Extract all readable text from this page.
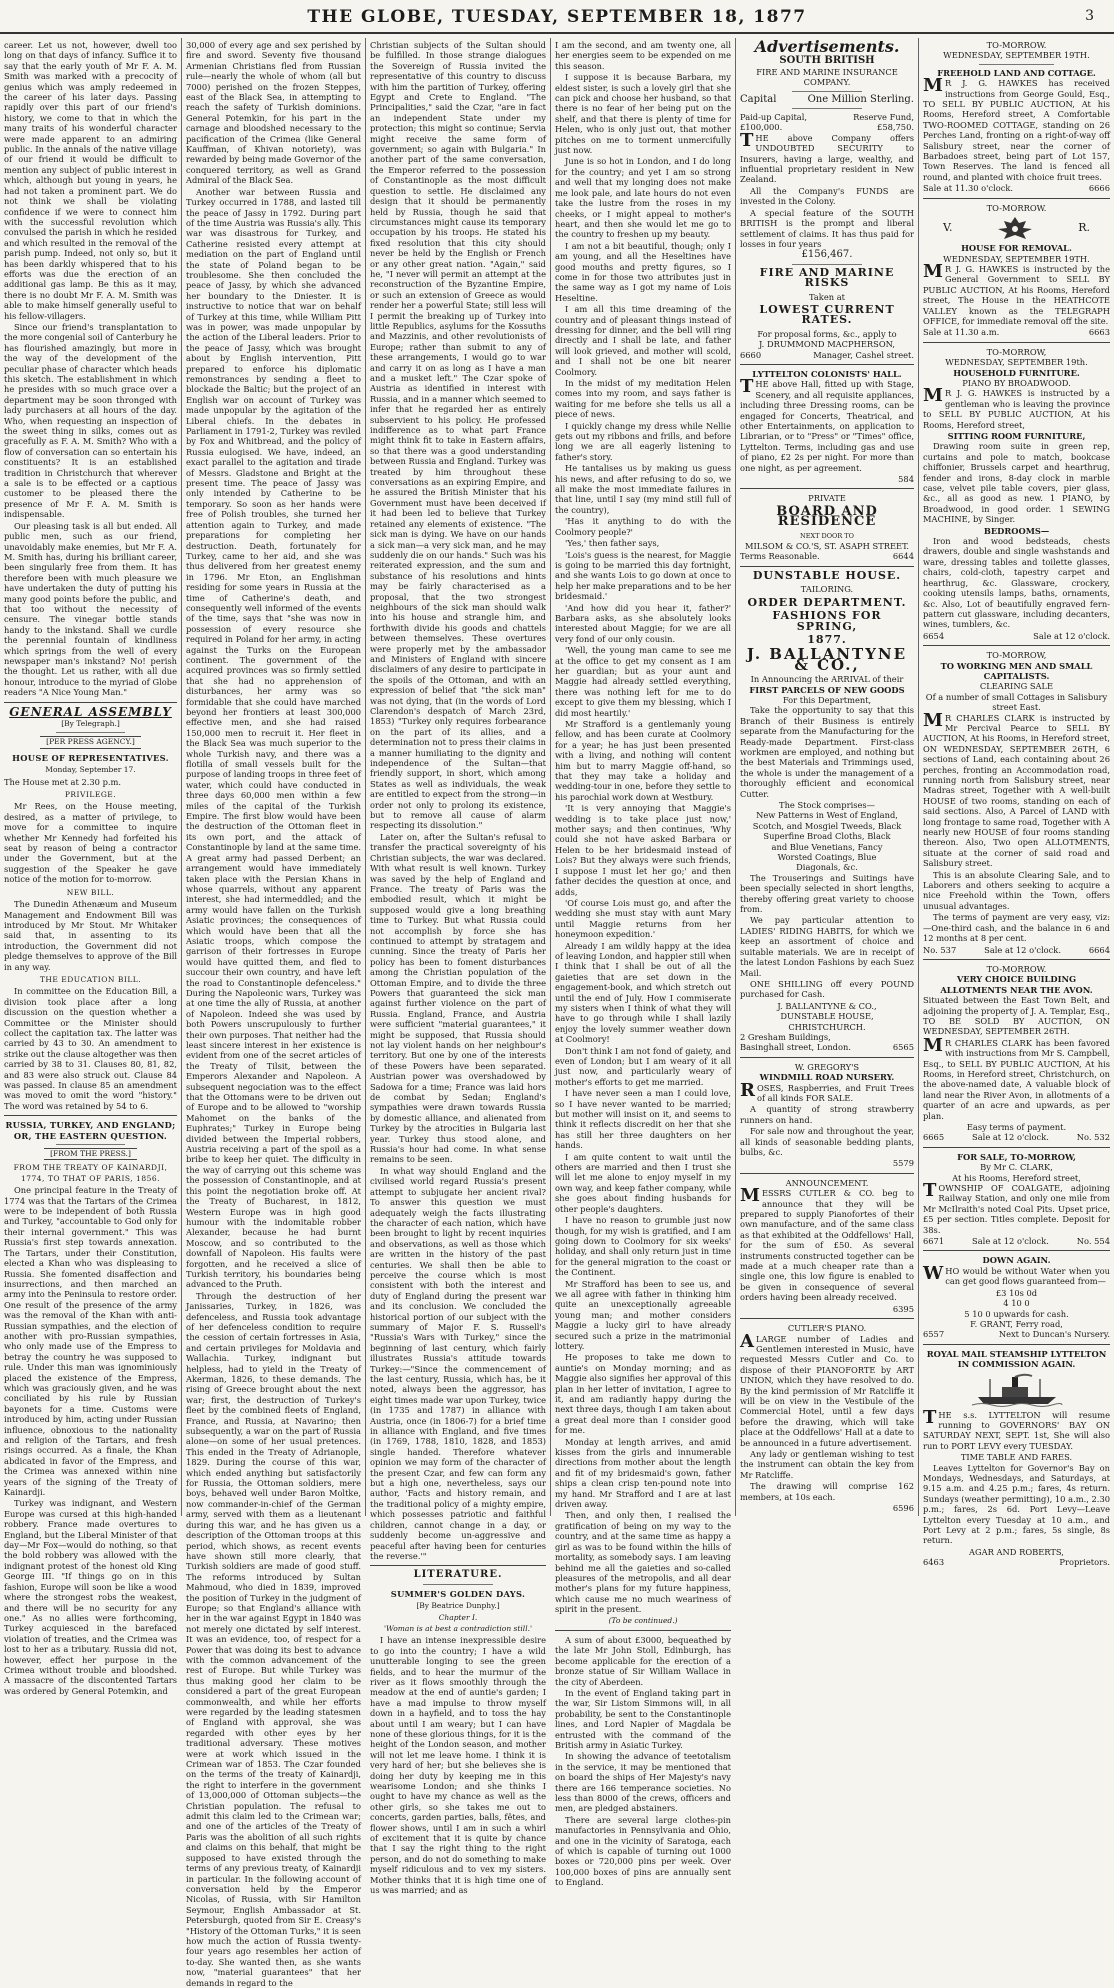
THE GLOBE, TUESDAY, SEPTEMBER 18, 1877	3

career. Let us not, however, dwell too long on that days of infancy. Suffice it to say that the early youth of Mr F. A. M. Smith was marked with a precocity of genius which was amply redeemed in the career of his later days. Passing rapidly over this part of our friend's history, we come to that in which the many traits of his wonderful character were made apparent to an admiring public. In the annals of the native village of our friend it would be difficult to mention any subject of public interest in which, although but young in years, he had not taken a prominent part. We do not think we shall be violating confidence if we were to connect him with the successful revolution which convulsed the parish in which he resided and which resulted in the removal of the parish pump. Indeed, not only so, but it has been darkly whispered that to his efforts was due the erection of an additional gas lamp. Be this as it may, there is no doubt Mr F. A. M. Smith was able to make himself generally useful to his fellow-villagers.

Since our friend's transplantation to the more congenial soil of Canterbury he has flourished amazingly, but more in the way of the development of the peculiar phase of character which heads this sketch. The establishment in which he presides with so much grace over a department may be soon thronged with lady purchasers at all hours of the day. Who, when requesting an inspection of the sweet thing in silks, comes out as gracefully as F. A. M. Smith? Who with a flow of conversation can so entertain his constituents? It is an established tradition in Christchurch that wherever a sale is to be effected or a captious customer to be pleased there the presence of Mr F. A. M. Smith is indispensable.

Our pleasing task is all but ended. All public men, such as our friend, unavoidably make enemies, but Mr F. A. M. Smith has, during his brilliant career, been singularly free from them. It has therefore been with much pleasure we have undertaken the duty of putting his many good points before the public, and that too without the necessity of censure. The vinegar bottle stands handy to the inkstand. Shall we curdle the perennial fountain of kindliness which springs from the well of every newspaper man's inkstand? No! perish the thought. Let us rather, with all due honour, introduce to the myriad of Globe readers "A Nice Young Man."

GENERAL ASSEMBLY
[By Telegraph.]
[PER PRESS AGENCY.]
HOUSE OF REPRESENTATIVES.
Monday, September 17.

The House met at 2.30 p.m.

PRIVILEGE.

Mr Rees, on the House meeting, desired, as a matter of privilege, to move for a committee to inquire whether Mr Kennedy had forfeited his seat by reason of being a contractor under the Government, but at the suggestion of the Speaker he gave notice of the motion for to-morrow.

NEW BILL.

The Dunedin Athenæum and Museum Management and Endowment Bill was introduced by Mr Stout. Mr Whitaker said that, in assenting to its introduction, the Government did not pledge themselves to approve of the Bill in any way.

THE EDUCATION BILL.

In committee on the Education Bill, a division took place after a long discussion on the question whether a Committee or the Minister should collect the capitation tax. The latter was carried by 43 to 30. An amendment to strike out the clause altogether was then carried by 38 to 31. Clauses 80, 81, 82, and 83 were also struck out. Clause 84 was passed. In clause 85 an amendment was moved to omit the word "history." The word was retained by 54 to 6.

RUSSIA, TURKEY, AND ENGLAND; OR, THE EASTERN QUESTION.
[FROM THE PRESS.]
FROM THE TREATY OF KAINARDJI, 1774, TO THAT OF PARIS, 1856.

One principal feature in the Treaty of 1774 was that the Tartars of the Crimea were to be independent of both Russia and Turkey, "accountable to God only for their internal government." This was Russia's first step towards annexation. The Tartars, under their Constitution, elected a Khan who was displeasing to Russia. She fomented disaffection and insurrections, and then marched an army into the Peninsula to restore order. One result of the presence of the army was the removal of the Khan with anti-Russian sympathies, and the election of another with pro-Russian sympathies, who only made use of the Empress to betray the country he was supposed to rule. Under this man was ignominiously placed the existence of the Empress, which was graciously given, and he was conciliated by his rule by Russian bayonets for a time. Customs were introduced by him, acting under Russian influence, obnoxious to the nationality and religion of the Tartars, and fresh risings occurred. As a finale, the Khan abdicated in favor of the Empress, and the Crimea was annexed within nine years of the signing of the Treaty of Kainardji.

Turkey was indignant, and Western Europe was cursed at this high-handed robbery. France made overtures to England, but the Liberal Minister of that day—Mr Fox—would do nothing, so that the bold robbery was allowed with the indignant protest of the honest old King George III. "If things go on in this fashion, Europe will soon be like a wood where the strongest robs the weakest, and there will be no security for any one." As no allies were forthcoming, Turkey acquiesced in the barefaced violation of treaties, and the Crimea was lost to her as a tributary. Russia did not, however, effect her purpose in the Crimea without trouble and bloodshed. A massacre of the discontented Tartars was ordered by General Potemkin, and

30,000 of every age and sex perished by fire and sword. Seventy five thousand Armenian Christians fled from Russian rule—nearly the whole of whom (all but 7000) perished on the frozen Steppes, east of the Black Sea, in attempting to reach the safety of Turkish dominions. General Potemkin, for his part in the carnage and bloodshed necessary to the pacification of the Crimea (like General Kauffman, of Khivan notoriety), was rewarded by being made Governor of the conquered territory, as well as Grand Admiral of the Black Sea.

Another war between Russia and Turkey occurred in 1788, and lasted till the peace of Jassy in 1792. During part of the time Austria was Russia's ally. This war was disastrous for Turkey, and Catherine resisted every attempt at mediation on the part of England until the state of Poland began to be troublesome. She then concluded the peace of Jassy, by which she advanced her boundary to the Dniester. It is instructive to notice that war on behalf of Turkey at this time, while William Pitt was in power, was made unpopular by the action of the Liberal leaders. Prior to the peace of Jassy, which was brought about by English intervention, Pitt prepared to enforce his diplomatic remonstrances by sending a fleet to blockade the Baltic; but the project of an English war on account of Turkey was made unpopular by the agitation of the Liberal chiefs. In the debates in Parliament in 1791-2, Turkey was reviled by Fox and Whitbread, and the policy of Russia eulogised. We have, indeed, an exact parallel to the agitation and tirade of Messrs. Gladstone and Bright at the present time. The peace of Jassy was only intended by Catherine to be temporary. So soon as her hands were free of Polish troubles, she turned her attention again to Turkey, and made preparations for completing her destruction. Death, fortunately for Turkey, came to her aid, and she was thus delivered from her greatest enemy in 1796. Mr Eton, an Englishman residing for some years in Russia at the time of Catherine's death, and consequently well informed of the events of the time, says that "she was now in possession of every resource she required in Poland for her army, in acting against the Turks on the European continent. The government of the acquired provinces was so firmly settled that she had no apprehension of disturbances, her army was so formidable that she could have marched beyond her frontiers at least 300,000 effective men, and she had raised 150,000 men to recruit it. Her fleet in the Black Sea was much superior to the whole Turkish navy, and there was a flotilla of small vessels built for the purpose of landing troops in three feet of water, which could have conducted in three days 60,000 men within a few miles of the capital of the Turkish Empire. The first blow would have been the destruction of the Ottoman fleet in its own port, and the attack of Constantinople by land at the same time. A great army had passed Derbent; an arrangement would have immediately taken place with the Persian Khans in whose quarrels, without any apparent interest, she had intermeddled; and the army would have fallen on the Turkish Asiatic provinces; the consequences of which would have been that all the Asiatic troops, which compose the garrison of their fortresses in Europe would have quitted them, and fled to succour their own country, and have left the road to Constantinople defenceless." During the Napoleonic wars, Turkey was at one time the ally of Russia, at another of Napoleon. Indeed she was used by both Powers unscrupulously to further their own purposes. That neither had the least sincere interest in her existence is evident from one of the secret articles of the Treaty of Tilsit, between the Emperors Alexander and Napoleon. A subsequent negociation was to the effect that the Ottomans were to be driven out of Europe and to be allowed to "worship Mahomet on the banks of the Euphrates;" Turkey in Europe being divided between the Imperial robbers, Austria receiving a part of the spoil as a bribe to keep her quiet. The difficulty in the way of carrying out this scheme was the possession of Constantinople, and at this point the negotiation broke off. At the Treaty of Bucharest, in 1812, Western Europe was in high good humour with the indomitable robber Alexander, because he had burnt Moscow, and so contributed to the downfall of Napoleon. His faults were forgotten, and he received a slice of Turkish territory, his boundaries being advanced to the Pruth.

Through the destruction of her Janissaries, Turkey, in 1826, was defenceless, and Russia took advantage of her defenceless condition to require the cession of certain fortresses in Asia, and certain privileges for Moldavia and Wallachia. Turkey, indignant but helpless, had to yield in the Treaty of Akerman, 1826, to these demands. The rising of Greece brought about the next war; first, the destruction of Turkey's fleet by the combined fleets of England, France, and Russia, at Navarino; then subsequently, a war on the part of Russia alone—on some of her usual pretences. This ended in the Treaty of Adrianople, 1829. During the course of this war, which ended anything but satisfactorily for Russia, the Ottoman soldiers, mere boys, behaved well under Baron Moltke, now commander-in-chief of the German army, served with them as a lieutenant during this war, and he has given us a description of the Ottoman troops at this period, which shows, as recent events have shown still more clearly, that Turkish soldiers are made of good stuff. The reforms introduced by Sultan Mahmoud, who died in 1839, improved the position of Turkey in the judgment of Europe; so that England's alliance with her in the war against Egypt in 1840 was not merely one dictated by self interest. It was an evidence, too, of respect for a Power that was doing its best to advance with the common advancement of the rest of Europe. But while Turkey was thus making good her claim to be considered a part of the great European commonwealth, and while her efforts were regarded by the leading statesmen of England with approval, she was regarded with other eyes by her traditional adversary. These motives were at work which issued in the Crimean war of 1853. The Czar founded on the terms of the treaty of Kainardji, the right to interfere in the government of 13,000,000 of Ottoman subjects—the Christian population. The refusal to admit this claim led to the Crimean war; and one of the articles of the Treaty of Paris was the abolition of all such rights and claims on this behalf, that might be supposed to have existed through the terms of any previous treaty, of Kainardji in particular. In the following account of conversation held by the Emperor Nicolas, of Russia, with Sir Hamilton Seymour, English Ambassador at St. Petersburgh, quoted from Sir E. Creasy's "History of the Ottoman Turks," it is seen how much the action of Russia twenty-four years ago resembles her action of to-day. She wanted then, as she wants now, "material guarantees" that her demands in regard to the

Christian subjects of the Sultan should be fulfilled. In those strange dialogues the Sovereign of Russia invited the representative of this country to discuss with him the partition of Turkey, offering Egypt and Crete to England. "The Principalities," said the Czar, "are in fact an independent State under my protection; this might so continue; Servia might receive the same form of government; so again with Bulgaria." In another part of the same conversation, the Emperor referred to the possession of Constantinople as the most difficult question to settle. He disclaimed any design that it should be permanently held by Russia, though he said that circumstances might cause its temporary occupation by his troops. He stated his fixed resolution that this city should never be held by the English or French or any other great nation. "Again," said he, "I never will permit an attempt at the reconstruction of the Byzantine Empire, or such an extension of Greece as would render her a powerful State; still less will I permit the breaking up of Turkey into little Republics, asylums for the Kossuths and Mazzinis, and other revolutionists of Europe; rather than submit to any of these arrangements, I would go to war and carry it on as long as I have a man and a musket left." The Czar spoke of Austria as identified in interest with Russia, and in a manner which seemed to infer that he regarded her as entirely subservient to his policy. He professed indifference as to what part France might think fit to take in Eastern affairs, so that there was a good understanding between Russia and England. Turkey was treated by him throughout these conversations as an expiring Empire, and he assured the British Minister that his Government must have been deceived if it had been led to believe that Turkey retained any elements of existence. "The sick man is dying. We have on our hands a sick man—a very sick man, and he may suddenly die on our hands." Such was his reiterated expression, and the sum and substance of his resolutions and hints may be fairly characterised as a proposal, that the two strongest neighbours of the sick man should walk into his house and strangle him, and forthwith divide his goods and chattels between themselves. These overtures were properly met by the ambassador and Ministers of England with sincere disclaimers of any desire to participate in the spoils of the Ottoman, and with an expression of belief that "the sick man" was not dying, that (in the words of Lord Clarendon's despatch of March 23rd, 1853) "Turkey only requires forbearance on the part of its allies, and a determination not to press their claims in a manner humiliating to the dignity and independence of the Sultan—that friendly support, in short, which among States as well as individuals, the weak are entitled to expect from the strong—in order not only to prolong its existence, but to remove all cause of alarm respecting its dissolution."

Later on, after the Sultan's refusal to transfer the practical sovereignty of his Christian subjects, the war was declared. With what result is well known. Turkey was saved by the help of England and France. The treaty of Paris was the embodied result, which it might be supposed would give a long breathing time to Turkey. But what Russia could not accomplish by force she has continued to attempt by stratagem and cunning. Since the treaty of Paris her policy has been to foment disturbances among the Christian population of the Ottoman Empire, and to divide the three Powers that guaranteed the sick man against further violence on the part of Russia. England, France, and Austria were sufficient "material guarantees," it might be supposed, that Russia should not lay violent hands on her neighbour's territory. But one by one of the interests of these Powers have been separated. Austrian power was overshadowed by Sadowa for a time; France was laid hors de combat by Sedan; England's sympathies were drawn towards Russia by domestic alliance, and alienated from Turkey by the atrocities in Bulgaria last year. Turkey thus stood alone, and Russia's hour had come. In what sense remains to be seen.

In what way should England and the civilised world regard Russia's present attempt to subjugate her ancient rival? To answer this question we must adequately weigh the facts illustrating the character of each nation, which have been brought to light by recent inquiries and observations, as well as those which are written in the history of the past centuries. We shall then be able to perceive the course which is most consistent with both the interest and duty of England during the present war and its conclusion. We concluded the historical portion of our subject with the summary of Major F. S. Russell's "Russia's Wars with Turkey," since the beginning of last century, which fairly illustrates Russia's attitude towards Turkey:—"Since the commencement of the last century, Russia, which has, be it noted, always been the aggressor, has eight times made war upon Turkey, twice (in 1735 and 1787) in alliance with Austria, once (in 1806-7) for a brief time in alliance with England, and five times (in 1769, 1788, 1810, 1828, and 1853) single handed. Therefore whatever opinion we may form of the character of the present Czar, and few can form any but a high one, nevertheless, says our author, 'Facts and history remain, and the traditional policy of a mighty empire, which possesses patriotic and faithful children, cannot change in a day, or suddenly become un-aggressive and peaceful after having been for centuries the reverse.'"

LITERATURE.
SUMMER'S GOLDEN DAYS.
[By Beatrice Dunphy.]
Chapter I.
'Woman is at best a contradiction still.'

I have an intense inexpressible desire to go into the country; I have a wild unutterable longing to see the green fields, and to hear the murmur of the river as it flows smoothly through the meadow at the end of auntie's garden; I have a mad impulse to throw myself down in a hayfield, and to toss the hay about until I am weary; but I can have none of these glorious things, for it is the height of the London season, and mother will not let me leave home. I think it is very hard of her; but she believes she is doing her duty by keeping me in this wearisome London; and she thinks I ought to have my chance as well as the other girls, so she takes me out to concerts, garden parties, balls, fêtes, and flower shows, until I am in such a whirl of excitement that it is quite by chance that I say the right thing to the right person, and do not do something to make myself ridiculous and to vex my sisters. Mother thinks that it is high time one of us was married; and as

I am the second, and am twenty one, all her energies seem to be expended on me this season.

I suppose it is because Barbara, my eldest sister, is such a lovely girl that she can pick and choose her husband, so that there is no fear of her being put on the shelf, and that there is plenty of time for Helen, who is only just out, that mother pitches on me to torment unmercifully just now.

June is so hot in London, and I do long for the country; and yet I am so strong and well that my longing does not make me look pale, and late hours do not even take the lustre from the roses in my cheeks, or I might appeal to mother's heart, and then she would let me go to the country to freshen up my beauty.

I am not a bit beautiful, though; only I am young, and all the Heseltines have good mouths and pretty figures, so I come in for those two attributes just in the same way as I got my name of Lois Heseltine.

I am all this time dreaming of the country and of pleasant things instead of dressing for dinner, and the bell will ring directly and I shall be late, and father will look grieved, and mother will scold, and I shall not be one bit nearer Coolmory.

In the midst of my meditation Helen comes into my room, and says father is waiting for me before she tells us all a piece of news.

I quickly change my dress while Nellie gets out my ribbons and frills, and before long we are all eagerly listening to father's story.

He tantalises us by making us guess his news, and after refusing to do so, we all make the most immediate failures in that line, until I say (my mind still full of the country),

'Has it anything to do with the Coolmory people?'

'Yes,' then father says,

'Lois's guess is the nearest, for Maggie is going to be married this day fortnight, and she wants Lois to go down at once to help her make preparations and to be her bridesmaid.'

'And how did you hear it, father?' Barbara asks, as she absolutely looks interested about Maggie; for we are all very fond of our only cousin.

'Well, the young man came to see me at the office to get my consent as I am her guardian; but as your aunt and Maggie had already settled everything, there was nothing left for me to do except to give them my blessing, which I did most heartily.'

Mr Strafford is a gentlemanly young fellow, and has been curate at Coolmory for a year; he has just been presented with a living, and nothing will content him but to marry Maggie off-hand, so that they may take a holiday and wedding-tour in one, before they settle to his parochial work down at Westbury.

'It is very annoying that Maggie's wedding is to take place just now,' mother says; and then continues, 'Why could she not have asked Barbara or Helen to be her bridesmaid instead of Lois? But they always were such friends, I suppose I must let her go;' and then father decides the question at once, and adds,

'Of course Lois must go, and after the wedding she must stay with aunt Mary until Maggie returns from her honeymoon expedition.'

Already I am wildly happy at the idea of leaving London, and happier still when I think that I shall be out of all the gaieties that are set down in the engagement-book, and which stretch out until the end of July. How I commiserate my sisters when I think of what they will have to go through while I shall lazily enjoy the lovely summer weather down at Coolmory!

Don't think I am not fond of gaiety, and even of London; but I am weary of it all just now, and particularly weary of mother's efforts to get me married.

I have never seen a man I could love, so I have never wanted to be married; but mother will insist on it, and seems to think it reflects discredit on her that she has still her three daughters on her hands.

I am quite content to wait until the others are married and then I trust she will let me alone to enjoy myself in my own way, and keep father company, while she goes about finding husbands for other people's daughters.

I have no reason to grumble just now though, for my wish is gratified, and I am going down to Coolmory for six weeks' holiday, and shall only return just in time for the general migration to the coast or the Continent.

Mr Strafford has been to see us, and we all agree with father in thinking him quite an unexceptionally agreeable young man; and mother considers Maggie a lucky girl to have already secured such a prize in the matrimonial lottery.

He proposes to take me down to auntie's on Monday morning; and as Maggie also signifies her approval of this plan in her letter of invitation, I agree to it, and am radiantly happy during the next three days, though I am taken about a great deal more than I consider good for me.

Monday at length arrives, and amid kisses from the girls and innumerable directions from mother about the length and fit of my bridesmaid's gown, father ships a clean crisp ten-pound note into my hand. Mr Strafford and I are at last driven away.

Then, and only then, I realised the gratification of being on my way to the country, and at the same time as happy a girl as was to be found within the hills of mortality, as somebody says. I am leaving behind me all the gaieties and so-called pleasures of the metropolis, and all dear mother's plans for my future happiness, which cause me no much weariness of spirit in the present.

(To be continued.)

A sum of about £3000, bequeathed by the late Mr John Stoll, Edinburgh, has become applicable for the erection of a bronze statue of Sir William Wallace in the city of Aberdeen.

In the event of England taking part in the war, Sir Listom Simmons will, in all probability, be sent to the Constantinople lines, and Lord Napier of Magdala be entrusted with the command of the British army in Asiatic Turkey.

In showing the advance of teetotalism in the service, it may be mentioned that on board the ships of Her Majesty's navy there are 166 temperance societies. No less than 8000 of the crews, officers and men, are pledged abstainers.

There are several large clothes-pin manufactories in Pennsylvania and Ohio, and one in the vicinity of Saratoga, each of which is capable of turning out 1000 boxes or 720,000 pins per week. Over 100,000 boxes of pins are annually sent to England.

Advertisements.
SOUTH BRITISH
FIRE AND MARINE INSURANCE COMPANY.
Capital	One Million Sterling.
Paid-up Capital,	Reserve Fund,
£100,000.	£58,750.

THE above Company offers UNDOUBTED SECURITY to Insurers, having a large, wealthy, and influential proprietary resident in New Zealand.

All the Company's FUNDS are invested in the Colony.

A special feature of the SOUTH BRITISH is the prompt and liberal settlement of claims. It has thus paid for losses in four years

£156,467.
FIRE AND MARINE RISKS
Taken at
LOWEST CURRENT RATES.
For proposal forms, &c., apply to
J. DRUMMOND MACPHERSON,
6660	Manager, Cashel street.
LYTTELTON COLONISTS' HALL.

THE above Hall, fitted up with Stage, Scenery, and all requisite appliances, including three Dressing rooms, can be engaged for Concerts, Theatrical, and other Entertainments, on application to Librarian, or to "Press" or "Times" office, Lyttelton. Terms, including gas and use of piano, £2 2s per night. For more than one night, as per agreement.

584
PRIVATE
BOARD AND RESIDENCE
NEXT DOOR TO
MILSOM & CO.'S, ST. ASAPH STREET.
Terms Reasonable.	6644
DUNSTABLE HOUSE.
TAILORING.
ORDER DEPARTMENT.
FASHIONS FOR SPRING,
1877.
J. BALLANTYNE & CO.,
In Announcing the ARRIVAL of their
FIRST PARCELS OF NEW GOODS
For this Department,

Take the opportunity to say that this Branch of their Business is entirely separate from the Manufacturing for the Ready-made Department. First-class workmen are employed, and nothing but the best Materials and Trimmings used, the whole is under the management of a thoroughly efficient and economical Cutter.

The Stock comprises—
New Patterns in West of England,
Scotch, and Mosgiel Tweeds, Black
Superfine Broad Cloths, Black
and Blue Venetians, Fancy
Worsted Coatings, Blue
Diagonals, &c.

The Trouserings and Suitings have been specially selected in short lengths, thereby offering great variety to choose from.

We pay particular attention to LADIES' RIDING HABITS, for which we keep an assortment of choice and suitable materials. We are in receipt of the latest London Fashions by each Suez Mail.

ONE SHILLING off every POUND purchased for Cash.

J. BALLANTYNE & CO.,
DUNSTABLE HOUSE,
CHRISTCHURCH.
2 Gresham Buildings,
Basinghall street, London.	6565
W. GREGORY'S
WINDMILL ROAD NURSERY.

ROSES, Raspberries, and Fruit Trees of all kinds FOR SALE.

A quantity of strong strawberry runners on hand.

For sale now and throughout the year, all kinds of seasonable bedding plants, bulbs, &c.

5579
ANNOUNCEMENT.

MESSRS CUTLER & CO. beg to announce that they will be prepared to supply Pianofortes of their own manufacture, and of the same class as that exhibited at the Oddfellows' Hall, for the sum of £50. As several instruments constructed together can be made at a much cheaper rate than a single one, this low figure is enabled to be given in consequence of several orders having been already received.

6395
CUTLER'S PIANO.

ALARGE number of Ladies and Gentlemen interested in Music, have requested Messrs Cutler and Co. to dispose of their PIANOFORTE by ART UNION, which they have resolved to do. By the kind permission of Mr Ratcliffe it will be on view in the Vestibule of the Commercial Hotel, until a few days before the drawing, which will take place at the Oddfellows' Hall at a date to be announced in a future advertisement.

Any lady or gentleman wishing to test the instrument can obtain the key from Mr Ratcliffe.

The drawing will comprise 162 members, at 10s each.

6596
TO-MORROW.
WEDNESDAY, SEPTEMBER 19TH.
FREEHOLD LAND AND COTTAGE.

MR J. G. HAWKES has received instructions from George Gould, Esq., TO SELL BY PUBLIC AUCTION, At his Rooms, Hereford street, A Comfortable TWO-ROOMED COTTAGE, standing on 26 Perches Land, fronting on a right-of-way off Salisbury street, near the corner of Barbadoes street, being part of Lot 157, Town Reserves. The land is fenced all round, and planted with choice fruit trees.

Sale at 11.30 o'clock.	6666
TO-MORROW.
V.	R.
HOUSE FOR REMOVAL.
WEDNESDAY, SEPTEMBER 19TH.

MR J. G. HAWKES is instructed by the General Government to SELL BY PUBLIC AUCTION, At his Rooms, Hereford street, The House in the HEATHCOTE VALLEY known as the TELEGRAPH OFFICE, for immediate removal off the site.

Sale at 11.30 a.m.	6663
TO-MORROW,
WEDNESDAY, SEPTEMBER 19th.
HOUSEHOLD FURNITURE.
PIANO BY BROADWOOD.

MR J. G. HAWKES is instructed by a gentleman who is leaving the province to SELL BY PUBLIC AUCTION, At his Rooms, Hereford street,

SITTING ROOM FURNITURE,

Drawing room suite in green rep, curtains and pole to match, bookcase chiffonier, Brussels carpet and hearthrug, fender and irons, 8-day clock in marble case, velvet pile table covers, pier glass, &c., all as good as new. 1 PIANO, by Broadwood, in good order. 1 SEWING MACHINE, by Singer.

BEDROOMS—

Iron and wood bedsteads, chests drawers, double and single washstands and ware, dressing tables and toilette glasses, chairs, cold-cloth, tapestry carpet and hearthrug, &c. Glassware, crockery, cooking utensils lamps, baths, ornaments, &c. Also, Lot of beautifully engraved fern-pattern cut glassware, including decanters, wines, tumblers, &c.

6654	Sale at 12 o'clock.
TO-MORROW,
TO WORKING MEN AND SMALL CAPITALISTS.
CLEARING SALE
Of a number of small Cottages in Salisbury street East.

MR CHARLES CLARK is instructed by Mr Percival Pearce to SELL BY AUCTION, At his Rooms, in Hereford street, ON WEDNESDAY, SEPTEMBER 26TH, 6 sections of Land, each containing about 26 perches, fronting an Accommodation road, running north from Salisbury street, near Madras street, Together with A well-built HOUSE of two rooms, standing on each of said sections. Also, A Parcel of LAND with long frontage to same road, Together with A nearly new HOUSE of four rooms standing thereon. Also, Two open ALLOTMENTS, situate at the corner of said road and Salisbury street.

This is an absolute Clearing Sale, and to Laborers and others seeking to acquire a nice Freehold within the Town, offers unusual advantages.

The terms of payment are very easy, viz:—One-third cash, and the balance in 6 and 12 months at 8 per cent.

No. 537	Sale at 12 o'clock.	6664
TO-MORROW.
VERY CHOICE BUILDING ALLOTMENTS NEAR THE AVON.

Situated between the East Town Belt, and adjoining the property of J. A. Templar, Esq., TO BE SOLD BY AUCTION, ON WEDNESDAY, SEPTEMBER 26TH.

MR CHARLES CLARK has been favored with instructions from Mr S. Campbell, Esq., to SELL BY PUBLIC AUCTION, At his Rooms, in Hereford street, Christchurch, on the above-named date, A valuable block of land near the River Avon, in allotments of a quarter of an acre and upwards, as per plan.

Easy terms of payment.
6665	Sale at 12 o'clock.	No. 532
FOR SALE, TO-MORROW,
By Mr C. CLARK,
At his Rooms, Hereford street,

TOWNSHIP OF COALGATE, adjoining Railway Station, and only one mile from Mr McIlraith's noted Coal Pits. Upset price, £5 per section. Titles complete. Deposit for 38s.

6671	Sale at 12 o'clock.	No. 554
DOWN AGAIN.

WHO would be without Water when you can get good flows guaranteed from—

£3 10s 0d
4 10 0
5 10 0 upwards for cash.
F. GRANT, Ferry road,
6557	Next to Duncan's Nursery.
ROYAL MAIL STEAMSHIP LYTTELTON IN COMMISSION AGAIN.

THE s.s. LYTTELTON will resume running to GOVERNORS' BAY ON SATURDAY NEXT, SEPT. 1st, She will also run to PORT LEVY every TUESDAY.

TIME TABLE AND FARES.

Leaves Lyttelton for Governor's Bay on Mondays, Wednesdays, and Saturdays, at 9.15 a.m. and 4.25 p.m.; fares, 4s return. Sundays (weather permitting), 10 a.m., 2.30 p.m.; fares, 2s 6d. Port Levy—Leave Lyttelton every Tuesday at 10 a.m., and Port Levy at 2 p.m.; fares, 5s single, 8s return.

AGAR AND ROBERTS,
6463	Proprietors.
